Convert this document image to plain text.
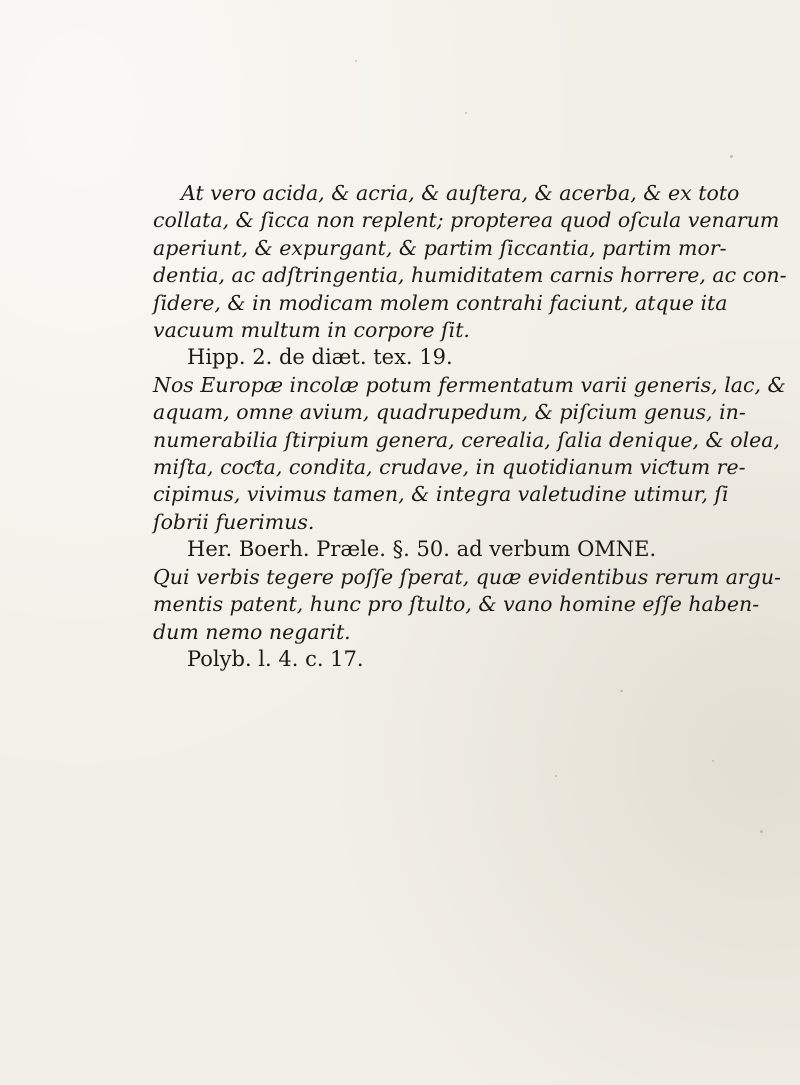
At vero acida, & acria, & auſtera, & acerba, & ex toto
collata, & ſicca non replent; propterea quod oſcula venarum
aperiunt, & expurgant, & partim ſiccantia, partim mor-
dentia, ac adſtringentia, humiditatem carnis horrere, ac con-
ſidere, & in modicam molem contrahi faciunt, atque ita
vacuum multum in corpore ſit.

Hipp. 2. de diæt. tex. 19.

Nos Europæ incolæ potum fermentatum varii generis, lac, &
aquam, omne avium, quadrupedum, & piſcium genus, in-
numerabilia ſtirpium genera, cerealia, ſalia denique, & olea,
miſta, coƈta, condita, crudave, in quotidianum viƈtum re-
cipimus, vivimus tamen, & integra valetudine utimur, ſi
ſobrii fuerimus.

Her. Boerh. Præle. §. 50. ad verbum OMNE.

Qui verbis tegere poſſe ſperat, quæ evidentibus rerum argu-
mentis patent, hunc pro ſtulto, & vano homine eſſe haben-
dum nemo negarit.

Polyb. l. 4. c. 17.
